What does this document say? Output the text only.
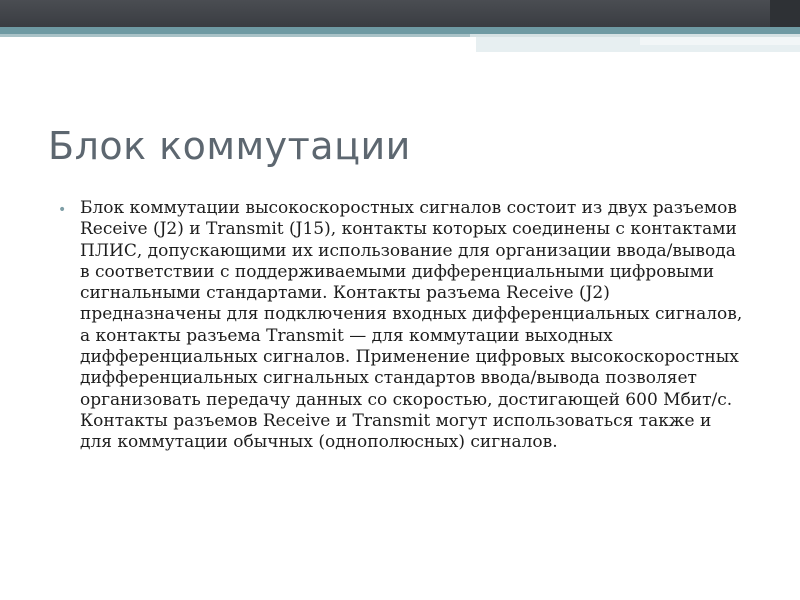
Блок коммутации
• Блок коммутации высокоскоростных сигналов состоит из двух разъемов Receive (J2) и Transmit (J15), контакты которых соединены с контактами ПЛИС, допускающими их использование для организации ввода/вывода в соответствии с поддерживаемыми дифференциальными цифровыми сигнальными стандартами. Контакты разъема Receive (J2) предназначены для подключения входных дифференциальных сигналов, а контакты разъема Transmit — для коммутации выходных дифференциальных сигналов. Применение цифровых высокоскоростных дифференциальных сигнальных стандартов ввода/вывода позволяет организовать передачу данных со скоростью, достигающей 600 Мбит/с. Контакты разъемов Receive и Transmit могут использоваться также и для коммутации обычных (однополюсных) сигналов.
